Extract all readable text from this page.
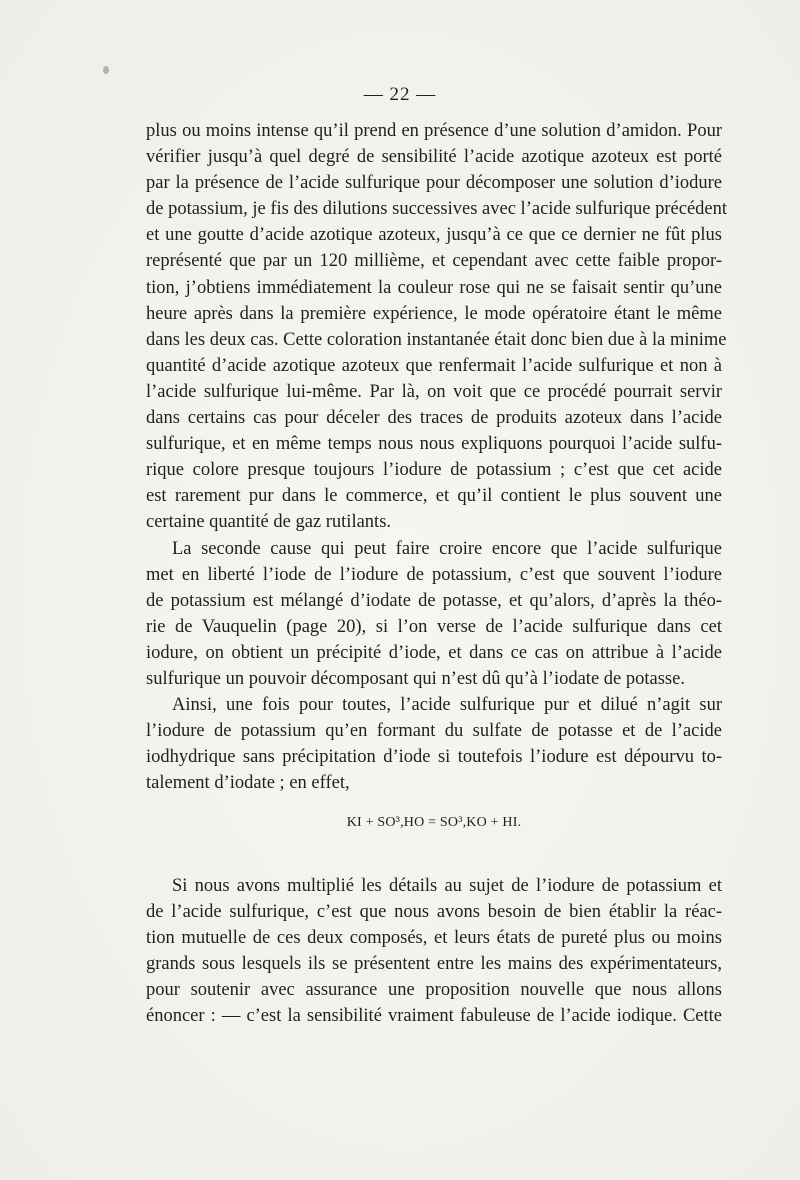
— 22 —

plus ou moins intense qu’il prend en présence d’une solution d’amidon. Pour
vérifier jusqu’à quel degré de sensibilité l’acide azotique azoteux est porté
par la présence de l’acide sulfurique pour décomposer une solution d’iodure
de potassium, je fis des dilutions successives avec l’acide sulfurique précédent
et une goutte d’acide azotique azoteux, jusqu’à ce que ce dernier ne fût plus
représenté que par un 120 millième, et cependant avec cette faible propor-
tion, j’obtiens immédiatement la couleur rose qui ne se faisait sentir qu’une
heure après dans la première expérience, le mode opératoire étant le même
dans les deux cas. Cette coloration instantanée était donc bien due à la minime
quantité d’acide azotique azoteux que renfermait l’acide sulfurique et non à
l’acide sulfurique lui-même. Par là, on voit que ce procédé pourrait servir
dans certains cas pour déceler des traces de produits azoteux dans l’acide
sulfurique, et en même temps nous nous expliquons pourquoi l’acide sulfu-
rique colore presque toujours l’iodure de potassium ; c’est que cet acide
est rarement pur dans le commerce, et qu’il contient le plus souvent une
certaine quantité de gaz rutilants.

La seconde cause qui peut faire croire encore que l’acide sulfurique
met en liberté l’iode de l’iodure de potassium, c’est que souvent l’iodure
de potassium est mélangé d’iodate de potasse, et qu’alors, d’après la théo-
rie de Vauquelin (page 20), si l’on verse de l’acide sulfurique dans cet
iodure, on obtient un précipité d’iode, et dans ce cas on attribue à l’acide
sulfurique un pouvoir décomposant qui n’est dû qu’à l’iodate de potasse.

Ainsi, une fois pour toutes, l’acide sulfurique pur et dilué n’agit sur
l’iodure de potassium qu’en formant du sulfate de potasse et de l’acide
iodhydrique sans précipitation d’iode si toutefois l’iodure est dépourvu to-
talement d’iodate ; en effet,

KI + SO³,HO = SO³,KO + HI.

Si nous avons multiplié les détails au sujet de l’iodure de potassium et
de l’acide sulfurique, c’est que nous avons besoin de bien établir la réac-
tion mutuelle de ces deux composés, et leurs états de pureté plus ou moins
grands sous lesquels ils se présentent entre les mains des expérimentateurs,
pour soutenir avec assurance une proposition nouvelle que nous allons
énoncer : — c’est la sensibilité vraiment fabuleuse de l’acide iodique. Cette
